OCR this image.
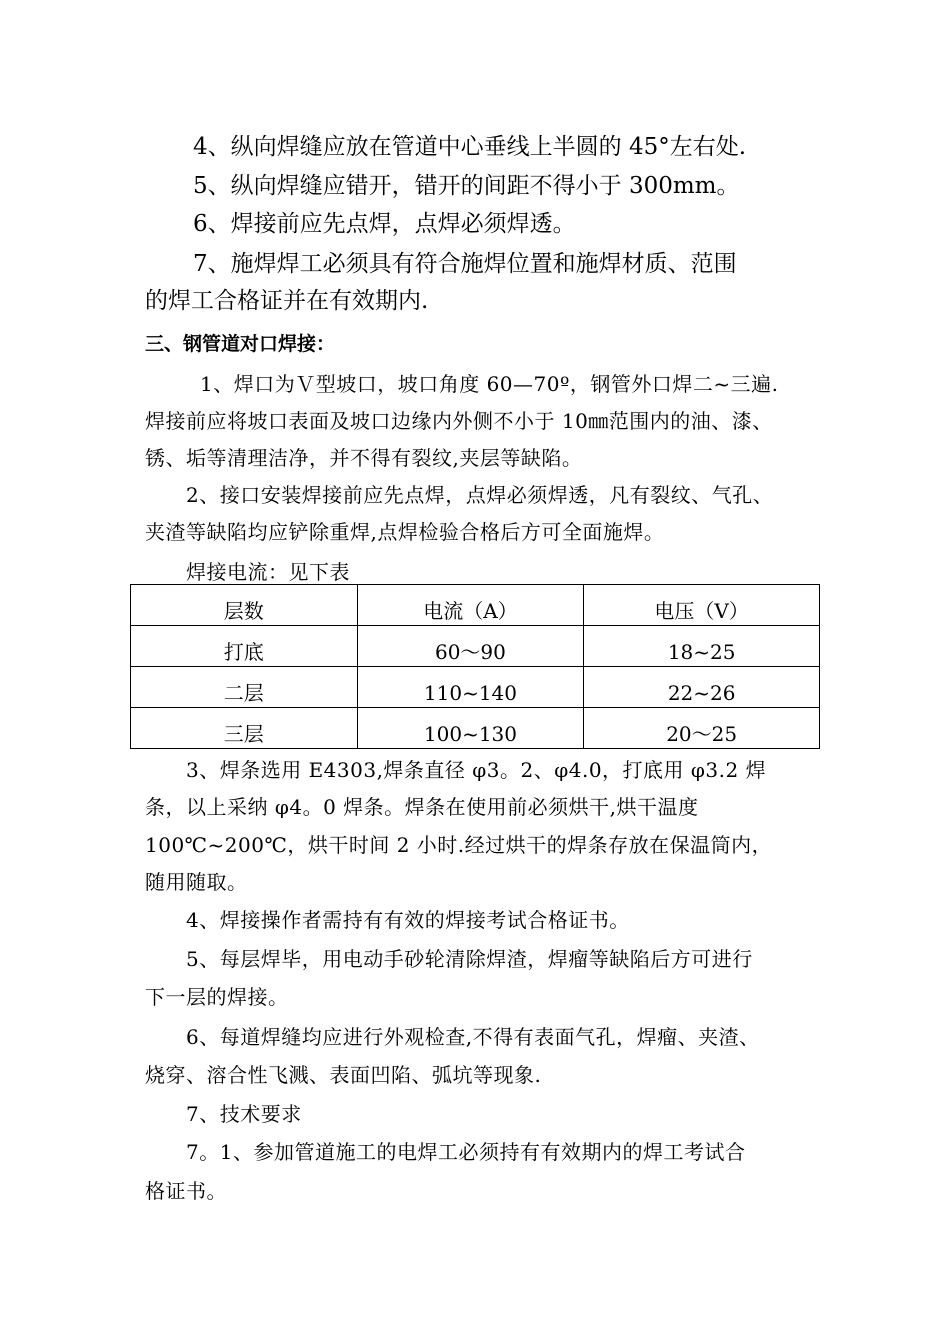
4、纵向焊缝应放在管道中心垂线上半圆的 45°左右处.
5、纵向焊缝应错开，错开的间距不得小于 300mm。
6、焊接前应先点焊，点焊必须焊透。
7、施焊焊工必须具有符合施焊位置和施焊材质、范围
的焊工合格证并在有效期内.
三、钢管道对口焊接：
1、焊口为Ｖ型坡口，坡口角度 60—70º，钢管外口焊二~三遍.
焊接前应将坡口表面及坡口边缘内外侧不小于 10㎜范围内的油、漆、
锈、垢等清理洁净，并不得有裂纹,夹层等缺陷。
2、接口安装焊接前应先点焊，点焊必须焊透，凡有裂纹、气孔、
夹渣等缺陷均应铲除重焊,点焊检验合格后方可全面施焊。
焊接电流：见下表
层数	电流（A）	电压（V）
打底	60～90	18~25
二层	110~140	22~26
三层	100~130	20～25
3、焊条选用 E4303,焊条直径 φ3。2、φ4.0，打底用 φ3.2 焊
条，以上采纳 φ4。0 焊条。焊条在使用前必须烘干,烘干温度
100℃~200℃，烘干时间 2 小时.经过烘干的焊条存放在保温筒内，
随用随取。
4、焊接操作者需持有有效的焊接考试合格证书。
5、每层焊毕，用电动手砂轮清除焊渣，焊瘤等缺陷后方可进行
下一层的焊接。
6、每道焊缝均应进行外观检查,不得有表面气孔，焊瘤、夹渣、
烧穿、溶合性飞溅、表面凹陷、弧坑等现象.
7、技术要求
7。1、参加管道施工的电焊工必须持有有效期内的焊工考试合
格证书。
